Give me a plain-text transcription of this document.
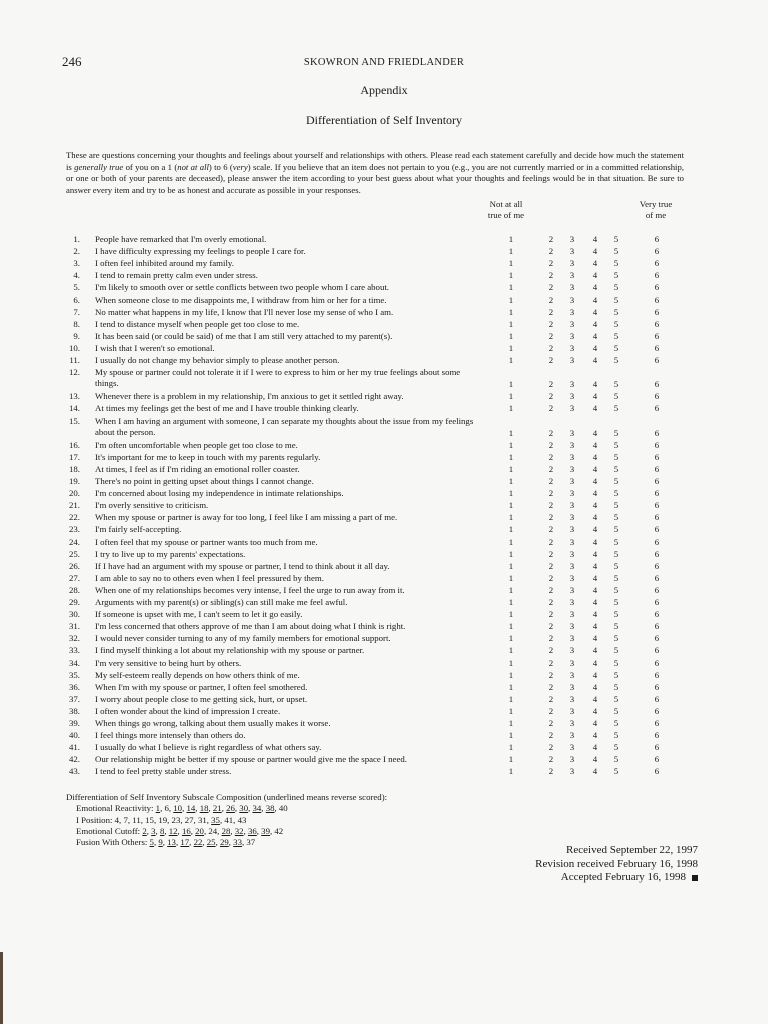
246	SKOWRON AND FRIEDLANDER
Appendix
Differentiation of Self Inventory
These are questions concerning your thoughts and feelings about yourself and relationships with others. Please read each statement carefully and decide how much the statement is generally true of you on a 1 (not at all) to 6 (very) scale. If you believe that an item does not pertain to you (e.g., you are not currently married or in a committed relationship, or one or both of your parents are deceased), please answer the item according to your best guess about what your thoughts and feelings would be in that situation. Be sure to answer every item and try to be as honest and accurate as possible in your responses.
Not at all
true of me
Very true
of me
1. People have remarked that I'm overly emotional.	1	2	3	4	5	6
2. I have difficulty expressing my feelings to people I care for.	1	2	3	4	5	6
3. I often feel inhibited around my family.	1	2	3	4	5	6
4. I tend to remain pretty calm even under stress.	1	2	3	4	5	6
5. I'm likely to smooth over or settle conflicts between two people whom I care about.	1	2	3	4	5	6
6. When someone close to me disappoints me, I withdraw from him or her for a time.	1	2	3	4	5	6
7. No matter what happens in my life, I know that I'll never lose my sense of who I am.	1	2	3	4	5	6
8. I tend to distance myself when people get too close to me.	1	2	3	4	5	6
9. It has been said (or could be said) of me that I am still very attached to my parent(s).	1	2	3	4	5	6
10. I wish that I weren't so emotional.	1	2	3	4	5	6
11. I usually do not change my behavior simply to please another person.	1	2	3	4	5	6
12. My spouse or partner could not tolerate it if I were to express to him or her my true feelings about some things.	1	2	3	4	5	6
13. Whenever there is a problem in my relationship, I'm anxious to get it settled right away.	1	2	3	4	5	6
14. At times my feelings get the best of me and I have trouble thinking clearly.	1	2	3	4	5	6
15. When I am having an argument with someone, I can separate my thoughts about the issue from my feelings about the person.	1	2	3	4	5	6
16. I'm often uncomfortable when people get too close to me.	1	2	3	4	5	6
17. It's important for me to keep in touch with my parents regularly.	1	2	3	4	5	6
18. At times, I feel as if I'm riding an emotional roller coaster.	1	2	3	4	5	6
19. There's no point in getting upset about things I cannot change.	1	2	3	4	5	6
20. I'm concerned about losing my independence in intimate relationships.	1	2	3	4	5	6
21. I'm overly sensitive to criticism.	1	2	3	4	5	6
22. When my spouse or partner is away for too long, I feel like I am missing a part of me.	1	2	3	4	5	6
23. I'm fairly self-accepting.	1	2	3	4	5	6
24. I often feel that my spouse or partner wants too much from me.	1	2	3	4	5	6
25. I try to live up to my parents' expectations.	1	2	3	4	5	6
26. If I have had an argument with my spouse or partner, I tend to think about it all day.	1	2	3	4	5	6
27. I am able to say no to others even when I feel pressured by them.	1	2	3	4	5	6
28. When one of my relationships becomes very intense, I feel the urge to run away from it.	1	2	3	4	5	6
29. Arguments with my parent(s) or sibling(s) can still make me feel awful.	1	2	3	4	5	6
30. If someone is upset with me, I can't seem to let it go easily.	1	2	3	4	5	6
31. I'm less concerned that others approve of me than I am about doing what I think is right.	1	2	3	4	5	6
32. I would never consider turning to any of my family members for emotional support.	1	2	3	4	5	6
33. I find myself thinking a lot about my relationship with my spouse or partner.	1	2	3	4	5	6
34. I'm very sensitive to being hurt by others.	1	2	3	4	5	6
35. My self-esteem really depends on how others think of me.	1	2	3	4	5	6
36. When I'm with my spouse or partner, I often feel smothered.	1	2	3	4	5	6
37. I worry about people close to me getting sick, hurt, or upset.	1	2	3	4	5	6
38. I often wonder about the kind of impression I create.	1	2	3	4	5	6
39. When things go wrong, talking about them usually makes it worse.	1	2	3	4	5	6
40. I feel things more intensely than others do.	1	2	3	4	5	6
41. I usually do what I believe is right regardless of what others say.	1	2	3	4	5	6
42. Our relationship might be better if my spouse or partner would give me the space I need.	1	2	3	4	5	6
43. I tend to feel pretty stable under stress.	1	2	3	4	5	6
Differentiation of Self Inventory Subscale Composition (underlined means reverse scored):
Emotional Reactivity: 1, 6, 10, 14, 18, 21, 26, 30, 34, 38, 40
I Position: 4, 7, 11, 15, 19, 23, 27, 31, 35, 41, 43
Emotional Cutoff: 2, 3, 8, 12, 16, 20, 24, 28, 32, 36, 39, 42
Fusion With Others: 5, 9, 13, 17, 22, 25, 29, 33, 37
Received September 22, 1997
Revision received February 16, 1998
Accepted February 16, 1998
